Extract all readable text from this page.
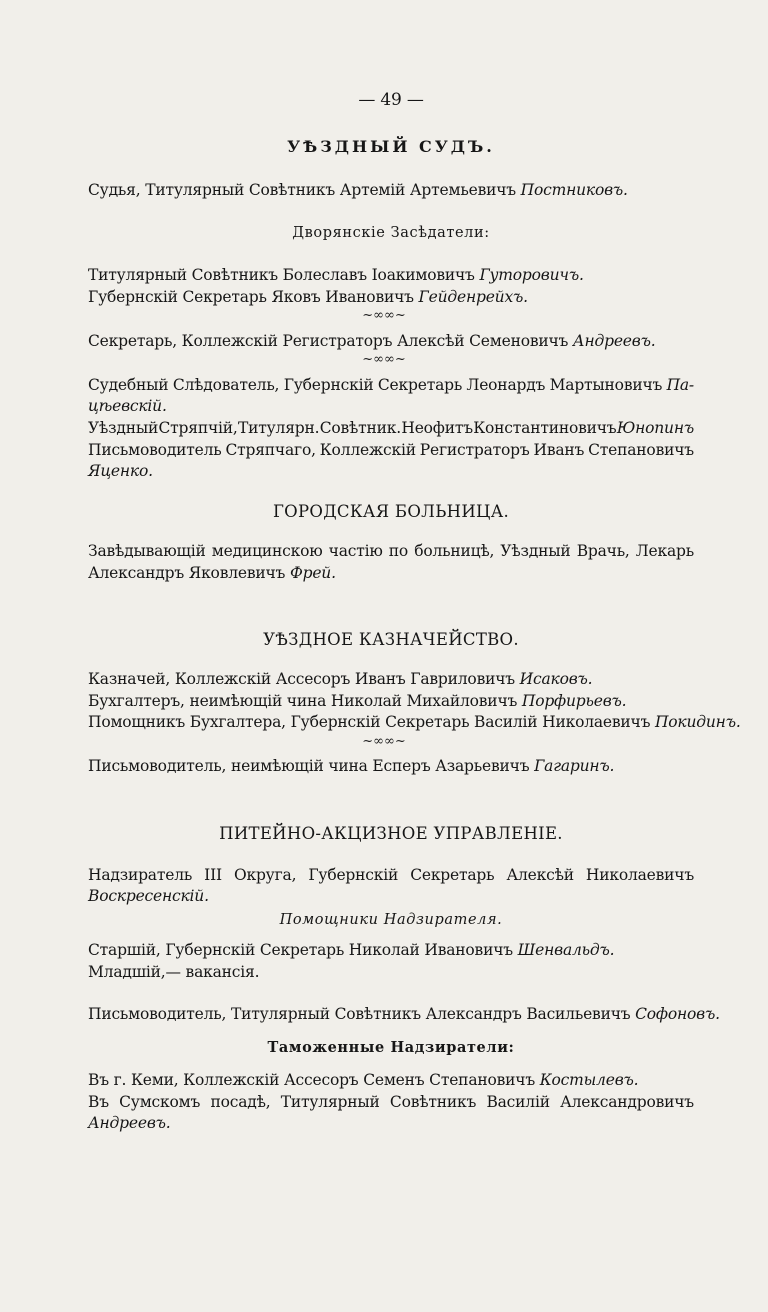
— 49 —
УѢЗДНЫЙ СУДЪ.
Судья, Титулярный Совѣтникъ Артемій Артемьевичъ Постниковъ.
Дворянскіе Засѣдатели:
Титулярный Совѣтникъ Болеславъ Іоакимовичъ Гуторовичъ.
Губернскій Секретарь Яковъ Ивановичъ Гейденрейхъ.
~∞∞~
Секретарь, Коллежскій Регистраторъ Алексѣй Семеновичъ Андреевъ.
~∞∞~
Судебный Слѣдователь, Губернскій Секретарь Леонардъ Мартыновичъ Па-
цѣевскій.
Уѣздный Стряпчій, Титулярн. Совѣтник. Неофитъ Константиновичъ Юнопинъ
Письмоводитель Стряпчаго, Коллежскій Регистраторъ Иванъ Степановичъ
Яценко.
ГОРОДСКАЯ БОЛЬНИЦА.
Завѣдывающій медицинскою частію по больницѣ, Уѣздный Врачь, Лекарь
Александръ Яковлевичъ Фрей.
УѢЗДНОЕ КАЗНАЧЕЙСТВО.
Казначей, Коллежскій Ассесоръ Иванъ Гавриловичъ Исаковъ.
Бухгалтеръ, неимѣющій чина Николай Михайловичъ Порфирьевъ.
Помощникъ Бухгалтера, Губернскій Секретарь Василій Николаевичъ Покидинъ.
~∞∞~
Письмоводитель, неимѣющій чина Есперъ Азарьевичъ Гагаринъ.
ПИТЕЙНО-АКЦИЗНОЕ УПРАВЛЕНІЕ.
Надзиратель III Округа, Губернскій Секретарь Алексѣй Николаевичъ
Воскресенскій.
Помощники Надзирателя.
Старшій, Губернскій Секретарь Николай Ивановичъ Шенвальдъ.
Младшій,— вакансія.
Письмоводитель, Титулярный Совѣтникъ Александръ Васильевичъ Софоновъ.
Таможенные Надзиратели:
Въ г. Кеми, Коллежскій Ассесоръ Семенъ Степановичъ Костылевъ.
Въ Сумскомъ посадѣ, Титулярный Совѣтникъ Василій Александровичъ
Андреевъ.
